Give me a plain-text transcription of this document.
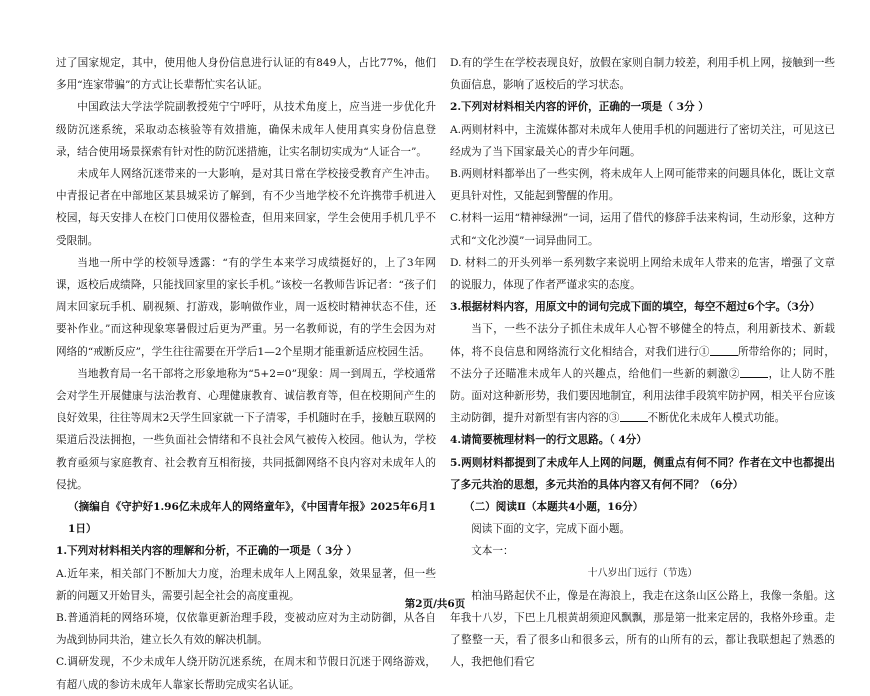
过了国家规定，其中，使用他人身份信息进行认证的有849人，占比77%，他们多用“连家带骗”的方式让长辈帮忙实名认证。

中国政法大学法学院副教授苑宁宁呼吁，从技术角度上，应当进一步优化升级防沉迷系统，采取动态核验等有效措施，确保未成年人使用真实身份信息登录，结合使用场景探索有针对性的防沉迷措施，让实名制切实成为“人证合一”。

未成年人网络沉迷带来的一大影响，是对其日常在学校接受教育产生冲击。中青报记者在中部地区某县城采访了解到，有不少当地学校不允许携带手机进入校园，每天安排人在校门口使用仪器检查，但用来回家，学生会使用手机几乎不受限制。

当地一所中学的校领导透露：“有的学生本来学习成绩挺好的，上了3年网课，返校后成绩降，只能找回家里的家长手机。”该校一名教师告诉记者：“孩子们周末回家玩手机、刷视频、打游戏，影响做作业，周一返校时精神状态不佳，还要补作业。”而这种现象寒暑假过后更为严重。另一名教师说，有的学生会因为对网络的“戒断反应”，学生往往需要在开学后1—2个星期才能重新适应校园生活。

当地教育局一名干部将之形象地称为“5+2=0”现象：周一到周五，学校通常会对学生开展健康与法治教育、心理健康教育、诚信教育等，但在校期间产生的良好效果，往往等周末2天学生回家就一下子清零，手机随时在手，接触互联网的渠道后没法拥抱，一些负面社会情绪和不良社会风气被传入校园。他认为，学校教育亟须与家庭教育、社会教育互相衔接，共同抵御网络不良内容对未成年人的侵扰。

（摘编自《守护好1.96亿未成年人的网络童年》，《中国青年报》2025年6月11日）

1.下列对材料相关内容的理解和分析，不正确的一项是（ 3分 ）

A.近年来，相关部门不断加大力度，治理未成年人上网乱象，效果显著，但一些新的问题又开始冒头，需要引起全社会的高度重视。

B.普通消耗的网络环境，仅依靠更新治理手段，变被动应对为主动防御，从各自为战到协同共治，建立长久有效的解决机制。

C.调研发现，不少未成年人绕开防沉迷系统，在周末和节假日沉迷于网络游戏，有超八成的参访未成年人靠家长帮助完成实名认证。

D.有的学生在学校表现良好，放假在家则自制力较差，利用手机上网，接触到一些负面信息，影响了返校后的学习状态。

2.下列对材料相关内容的评价，正确的一项是（ 3分 ）

A.两则材料中，主流媒体都对未成年人使用手机的问题进行了密切关注，可见这已经成为了当下国家最关心的青少年问题。

B.两则材料都举出了一些实例，将未成年人上网可能带来的问题具体化，既让文章更具针对性，又能起到警醒的作用。

C.材料一运用“精神绿洲”一词，运用了借代的修辞手法来构词，生动形象，这种方式和“文化沙漠”一词异曲同工。

D. 材料二的开头列举一系列数字来说明上网给未成年人带来的危害，增强了文章的说服力，体现了作者严谨求实的态度。

3.根据材料内容，用原文中的词句完成下面的填空，每空不超过6个字。（3分）

当下，一些不法分子抓住未成年人心智不够健全的特点，利用新技术、新载体，将不良信息和网络流行文化相结合，对我们进行①	所带给你的；同时，不法分子还瞄准未成年人的兴趣点，给他们一些新的刺激②	，让人防不胜防。面对这种新形势，我们要因地制宜，利用法律手段筑牢防护网，相关平台应该主动防御，提升对新型有害内容的③	不断优化未成年人模式功能。

4.请简要梳理材料一的行文思路。（ 4分）

5.两则材料都提到了未成年人上网的问题，侧重点有何不同？作者在文中也都提出了多元共治的思想，多元共治的具体内容又有何不同？（6分）

（二）阅读Ⅱ（本题共4小题，16分）

阅读下面的文字，完成下面小题。

文本一：

十八岁出门远行（节选）

柏油马路起伏不止，像是在海浪上，我走在这条山区公路上，我像一条船。这年我十八岁，下巴上几根黄胡须迎风飘飘，那是第一批来定居的，我格外珍重。走了整整一天，看了很多山和很多云，所有的山所有的云，都让我联想起了熟悉的人，我把他们看它

第2页/共6页
